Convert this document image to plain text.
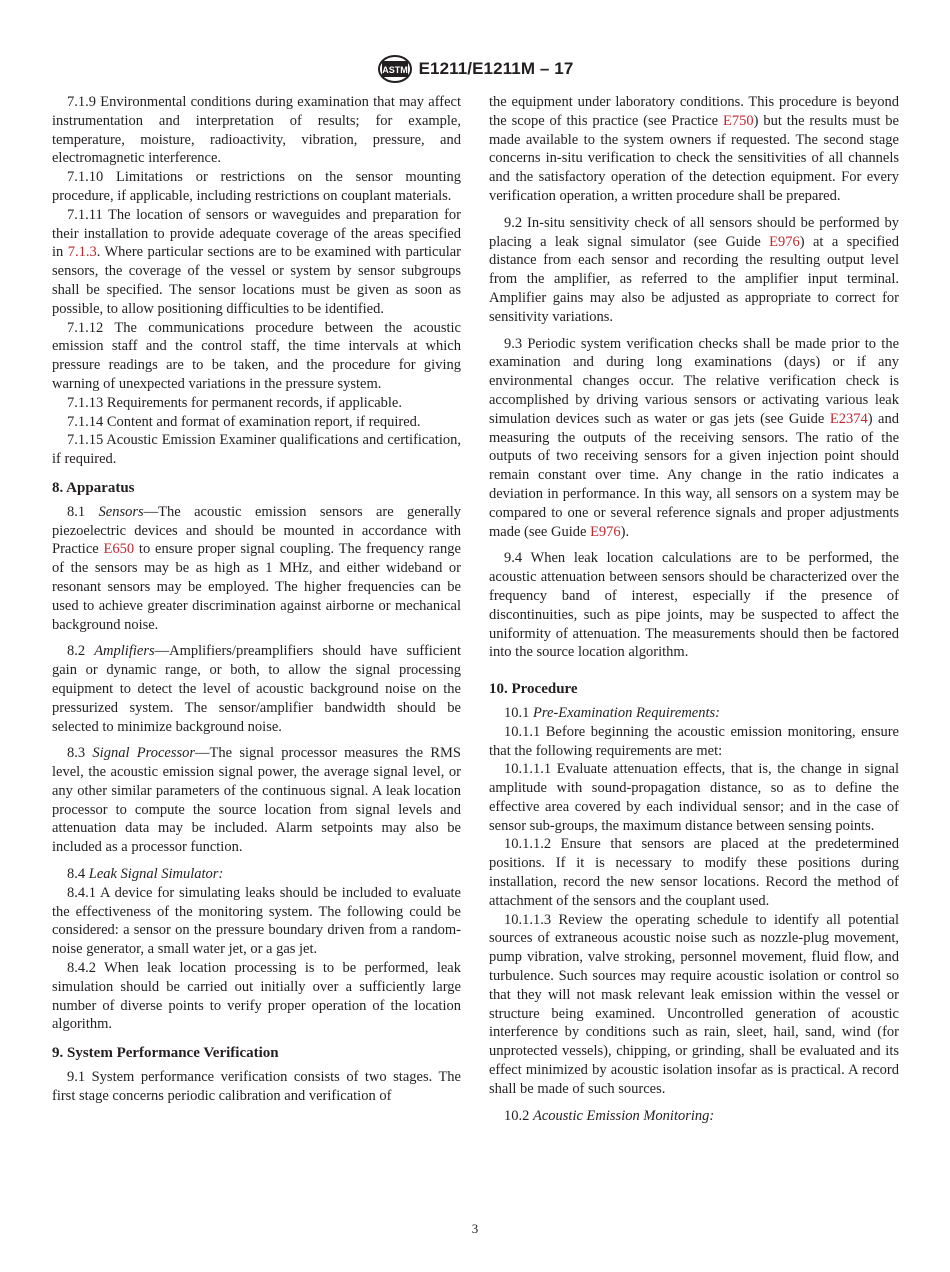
ASTM E1211/E1211M – 17

7.1.9 Environmental conditions during examination that may affect instrumentation and interpretation of results; for example, temperature, moisture, radioactivity, vibration, pressure, and electromagnetic interference.

7.1.10 Limitations or restrictions on the sensor mounting procedure, if applicable, including restrictions on couplant materials.

7.1.11 The location of sensors or waveguides and preparation for their installation to provide adequate coverage of the areas specified in 7.1.3. Where particular sections are to be examined with particular sensors, the coverage of the vessel or system by sensor subgroups shall be specified. The sensor locations must be given as soon as possible, to allow positioning difficulties to be identified.

7.1.12 The communications procedure between the acoustic emission staff and the control staff, the time intervals at which pressure readings are to be taken, and the procedure for giving warning of unexpected variations in the pressure system.

7.1.13 Requirements for permanent records, if applicable.

7.1.14 Content and format of examination report, if required.

7.1.15 Acoustic Emission Examiner qualifications and certification, if required.

8. Apparatus

8.1 Sensors—The acoustic emission sensors are generally piezoelectric devices and should be mounted in accordance with Practice E650 to ensure proper signal coupling. The frequency range of the sensors may be as high as 1 MHz, and either wideband or resonant sensors may be employed. The higher frequencies can be used to achieve greater discrimination against airborne or mechanical background noise.

8.2 Amplifiers—Amplifiers/preamplifiers should have sufficient gain or dynamic range, or both, to allow the signal processing equipment to detect the level of acoustic background noise on the pressurized system. The sensor/amplifier bandwidth should be selected to minimize background noise.

8.3 Signal Processor—The signal processor measures the RMS level, the acoustic emission signal power, the average signal level, or any other similar parameters of the continuous signal. A leak location processor to compute the source location from signal levels and attenuation data may be included. Alarm setpoints may also be included as a processor function.

8.4 Leak Signal Simulator:

8.4.1 A device for simulating leaks should be included to evaluate the effectiveness of the monitoring system. The following could be considered: a sensor on the pressure boundary driven from a random-noise generator, a small water jet, or a gas jet.

8.4.2 When leak location processing is to be performed, leak simulation should be carried out initially over a sufficiently large number of diverse points to verify proper operation of the location algorithm.

9. System Performance Verification

9.1 System performance verification consists of two stages. The first stage concerns periodic calibration and verification of

the equipment under laboratory conditions. This procedure is beyond the scope of this practice (see Practice E750) but the results must be made available to the system owners if requested. The second stage concerns in-situ verification to check the sensitivities of all channels and the satisfactory operation of the detection equipment. For every verification operation, a written procedure shall be prepared.

9.2 In-situ sensitivity check of all sensors should be performed by placing a leak signal simulator (see Guide E976) at a specified distance from each sensor and recording the resulting output level from the amplifier, as referred to the amplifier input terminal. Amplifier gains may also be adjusted as appropriate to correct for sensitivity variations.

9.3 Periodic system verification checks shall be made prior to the examination and during long examinations (days) or if any environmental changes occur. The relative verification check is accomplished by driving various sensors or activating various leak simulation devices such as water or gas jets (see Guide E2374) and measuring the outputs of the receiving sensors. The ratio of the outputs of two receiving sensors for a given injection point should remain constant over time. Any change in the ratio indicates a deviation in performance. In this way, all sensors on a system may be compared to one or several reference signals and proper adjustments made (see Guide E976).

9.4 When leak location calculations are to be performed, the acoustic attenuation between sensors should be characterized over the frequency band of interest, especially if the presence of discontinuities, such as pipe joints, may be suspected to affect the uniformity of attenuation. The measurements should then be factored into the source location algorithm.

10. Procedure

10.1 Pre-Examination Requirements:

10.1.1 Before beginning the acoustic emission monitoring, ensure that the following requirements are met:

10.1.1.1 Evaluate attenuation effects, that is, the change in signal amplitude with sound-propagation distance, so as to define the effective area covered by each individual sensor; and in the case of sensor sub-groups, the maximum distance between sensing points.

10.1.1.2 Ensure that sensors are placed at the predetermined positions. If it is necessary to modify these positions during installation, record the new sensor locations. Record the method of attachment of the sensors and the couplant used.

10.1.1.3 Review the operating schedule to identify all potential sources of extraneous acoustic noise such as nozzle-plug movement, pump vibration, valve stroking, personnel movement, fluid flow, and turbulence. Such sources may require acoustic isolation or control so that they will not mask relevant leak emission within the vessel or structure being examined. Uncontrolled generation of acoustic interference by conditions such as rain, sleet, hail, sand, wind (for unprotected vessels), chipping, or grinding, shall be evaluated and its effect minimized by acoustic isolation insofar as is practical. A record shall be made of such sources.

10.2 Acoustic Emission Monitoring:

3
